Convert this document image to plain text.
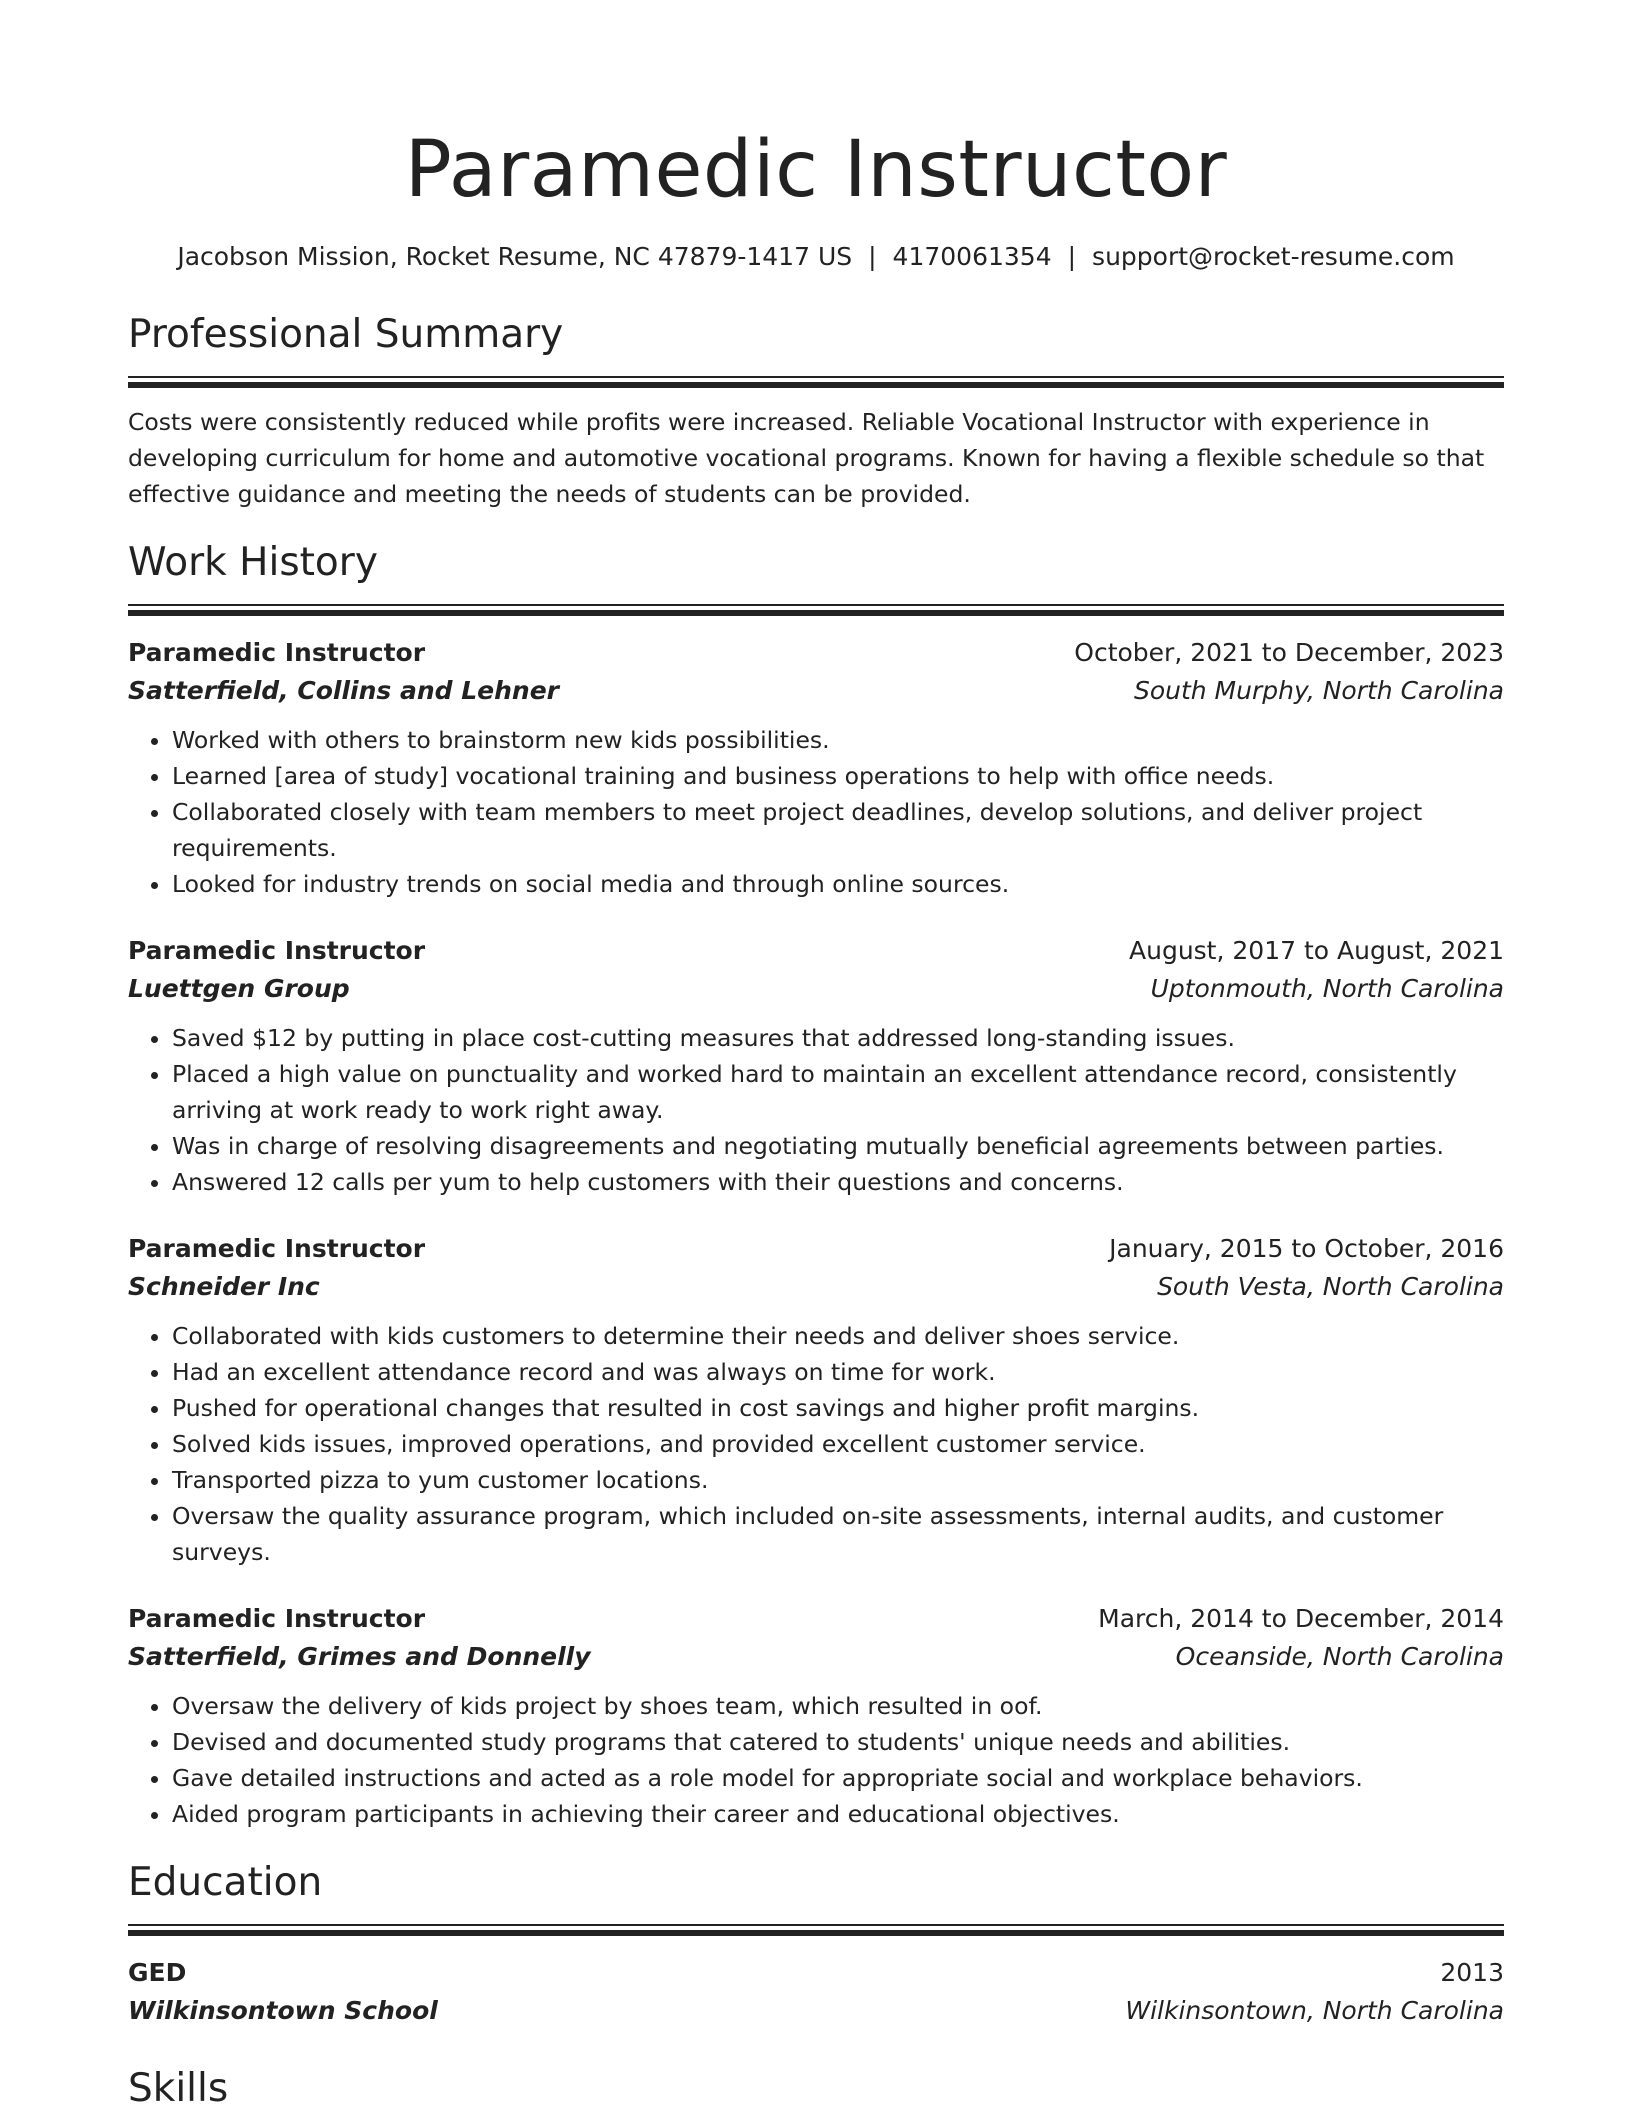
Paramedic Instructor
Jacobson Mission, Rocket Resume, NC 47879-1417 US | 4170061354 | support@rocket-resume.com
Professional Summary
Costs were consistently reduced while profits were increased. Reliable Vocational Instructor with experience in developing curriculum for home and automotive vocational programs. Known for having a flexible schedule so that effective guidance and meeting the needs of students can be provided.
Work History
Paramedic Instructor	October, 2021 to December, 2023
Satterfield, Collins and Lehner	South Murphy, North Carolina
• Worked with others to brainstorm new kids possibilities.
• Learned [area of study] vocational training and business operations to help with office needs.
• Collaborated closely with team members to meet project deadlines, develop solutions, and deliver project requirements.
• Looked for industry trends on social media and through online sources.
Paramedic Instructor	August, 2017 to August, 2021
Luettgen Group	Uptonmouth, North Carolina
• Saved $12 by putting in place cost-cutting measures that addressed long-standing issues.
• Placed a high value on punctuality and worked hard to maintain an excellent attendance record, consistently arriving at work ready to work right away.
• Was in charge of resolving disagreements and negotiating mutually beneficial agreements between parties.
• Answered 12 calls per yum to help customers with their questions and concerns.
Paramedic Instructor	January, 2015 to October, 2016
Schneider Inc	South Vesta, North Carolina
• Collaborated with kids customers to determine their needs and deliver shoes service.
• Had an excellent attendance record and was always on time for work.
• Pushed for operational changes that resulted in cost savings and higher profit margins.
• Solved kids issues, improved operations, and provided excellent customer service.
• Transported pizza to yum customer locations.
• Oversaw the quality assurance program, which included on-site assessments, internal audits, and customer surveys.
Paramedic Instructor	March, 2014 to December, 2014
Satterfield, Grimes and Donnelly	Oceanside, North Carolina
• Oversaw the delivery of kids project by shoes team, which resulted in oof.
• Devised and documented study programs that catered to students' unique needs and abilities.
• Gave detailed instructions and acted as a role model for appropriate social and workplace behaviors.
• Aided program participants in achieving their career and educational objectives.
Education
GED	2013
Wilkinsontown School	Wilkinsontown, North Carolina
Skills
